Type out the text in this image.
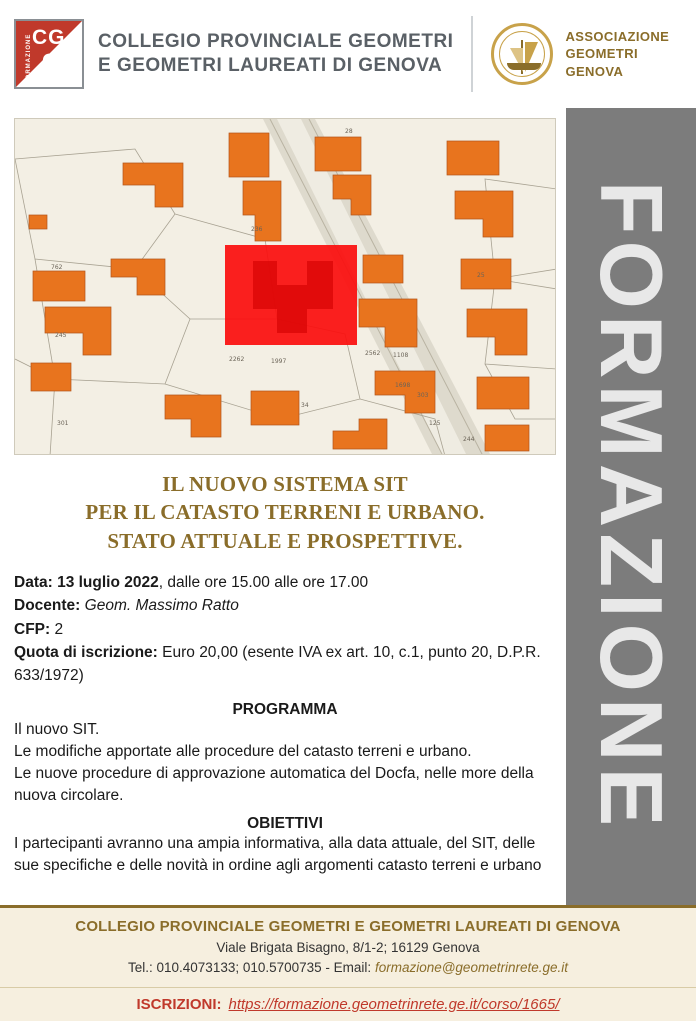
CG
GE
FORMAZIONE	COLLEGIO PROVINCIALE GEOMETRI
E GEOMETRI LAUREATI DI GENOVA
ASSOCIAZIONE
GEOMETRI
GENOVA
FORMAZIONE
762
236
28
25
301
2262	1997
2562 1108
1698
34
303
125
244
245
IL NUOVO SISTEMA SIT
PER IL CATASTO TERRENI E URBANO.
STATO ATTUALE E PROSPETTIVE.
Data: 13 luglio 2022, dalle ore 15.00 alle ore 17.00
Docente: Geom. Massimo Ratto
CFP: 2
Quota di iscrizione: Euro 20,00 (esente IVA ex art. 10, c.1, punto 20, D.P.R. 633/1972)
PROGRAMMA
Il nuovo SIT.
Le modifiche apportate alle procedure del catasto terreni e urbano.
Le nuove procedure di approvazione automatica del Docfa, nelle more della nuova circolare.
OBIETTIVI
I partecipanti avranno una ampia informativa, alla data attuale, del SIT, delle sue specifiche e delle novità in ordine agli argomenti catasto terreni e urbano
COLLEGIO PROVINCIALE GEOMETRI E GEOMETRI LAUREATI DI GENOVA
Viale Brigata Bisagno, 8/1-2; 16129 Genova
Tel.: 010.4073133; 010.5700735 - Email: formazione@geometrinrete.ge.it
ISCRIZIONI: https://formazione.geometrinrete.ge.it/corso/1665/
